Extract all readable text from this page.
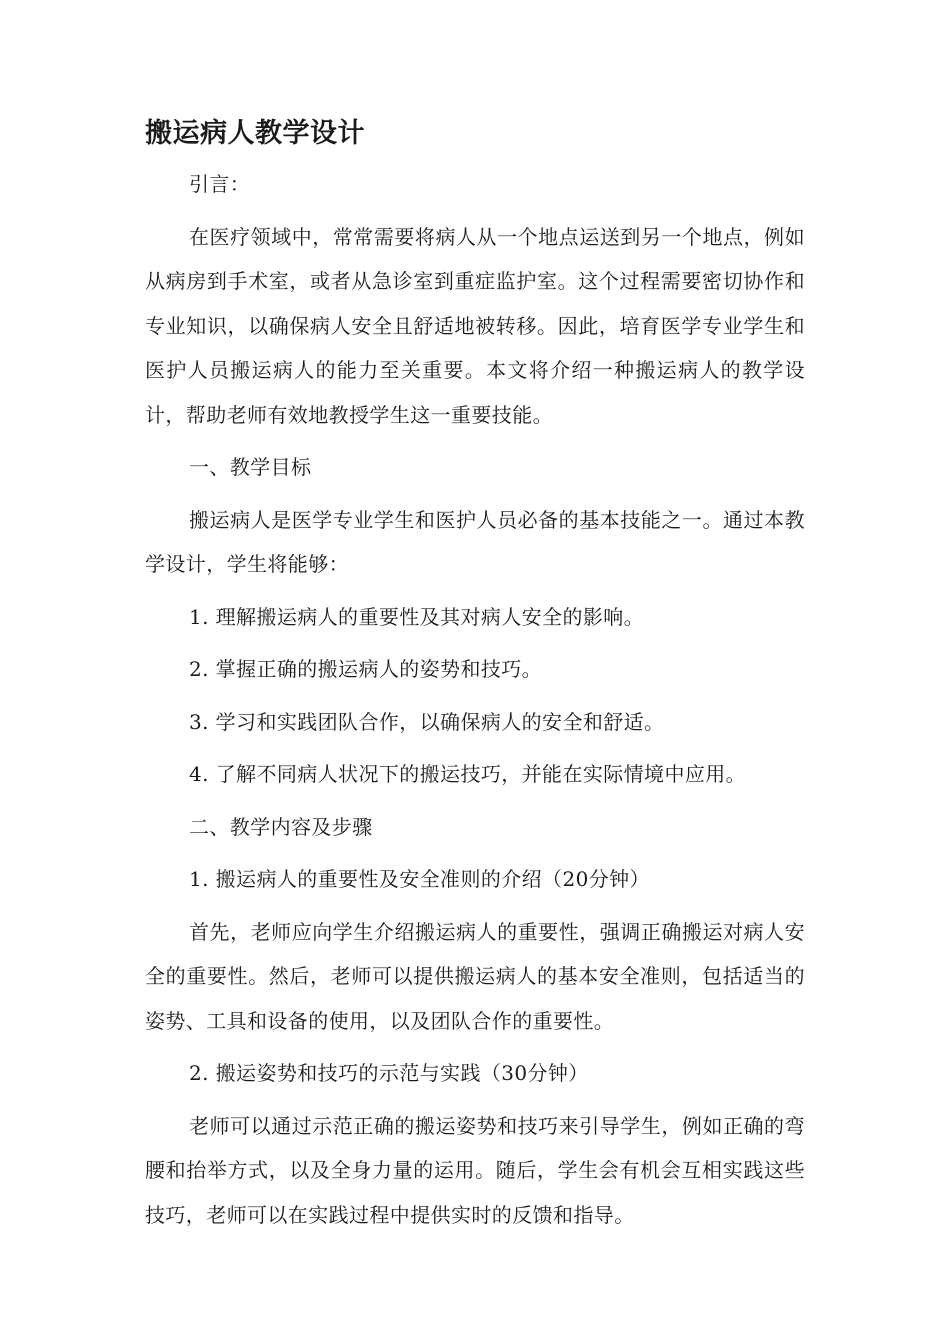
搬运病人教学设计
引言：
在医疗领域中，常常需要将病人从一个地点运送到另一个地点，例如从病房到手术室，或者从急诊室到重症监护室。这个过程需要密切协作和专业知识，以确保病人安全且舒适地被转移。因此，培育医学专业学生和医护人员搬运病人的能力至关重要。本文将介绍一种搬运病人的教学设计，帮助老师有效地教授学生这一重要技能。
一、教学目标
搬运病人是医学专业学生和医护人员必备的基本技能之一。通过本教学设计，学生将能够：
1. 理解搬运病人的重要性及其对病人安全的影响。
2. 掌握正确的搬运病人的姿势和技巧。
3. 学习和实践团队合作，以确保病人的安全和舒适。
4. 了解不同病人状况下的搬运技巧，并能在实际情境中应用。
二、教学内容及步骤
1. 搬运病人的重要性及安全准则的介绍（20分钟）
首先，老师应向学生介绍搬运病人的重要性，强调正确搬运对病人安全的重要性。然后，老师可以提供搬运病人的基本安全准则，包括适当的姿势、工具和设备的使用，以及团队合作的重要性。
2. 搬运姿势和技巧的示范与实践（30分钟）
老师可以通过示范正确的搬运姿势和技巧来引导学生，例如正确的弯腰和抬举方式，以及全身力量的运用。随后，学生会有机会互相实践这些技巧，老师可以在实践过程中提供实时的反馈和指导。
